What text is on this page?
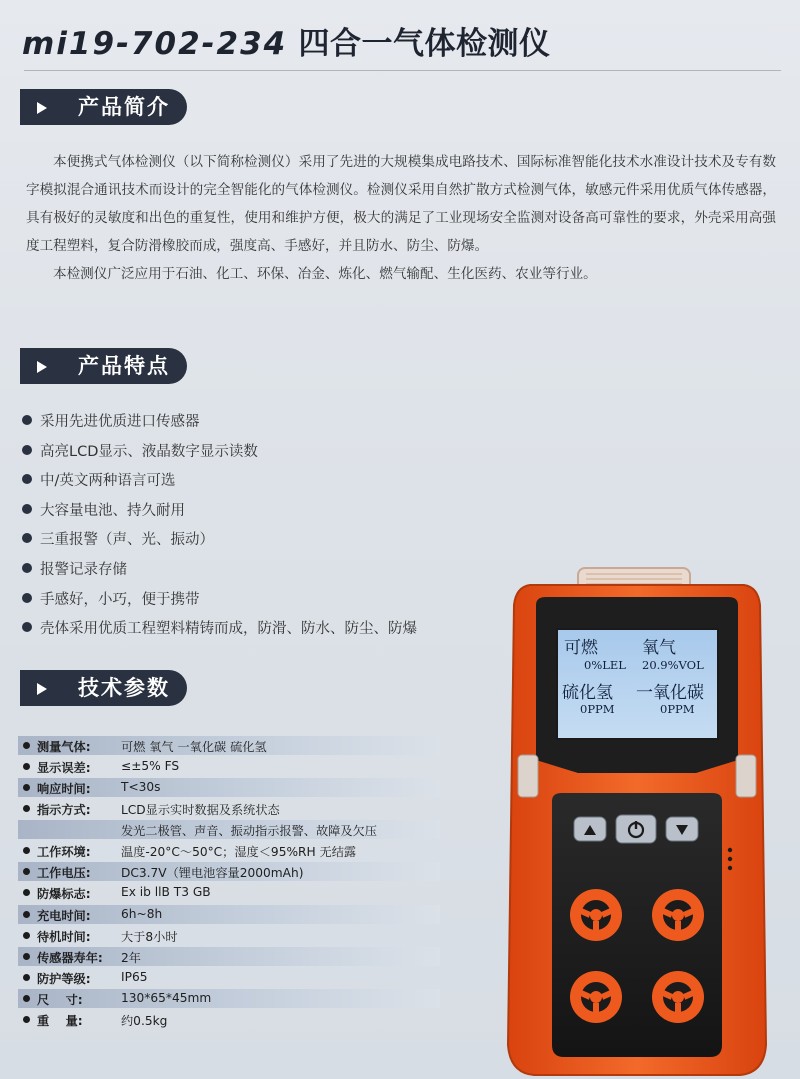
mi19-702-234 四合一气体检测仪
产品简介

本便携式气体检测仪（以下简称检测仪）采用了先进的大规模集成电路技术、国际标准智能化技术水准设计技术及专有数字模拟混合通讯技术而设计的完全智能化的气体检测仪。检测仪采用自然扩散方式检测气体，敏感元件采用优质气体传感器，具有极好的灵敏度和出色的重复性，使用和维护方便，极大的满足了工业现场安全监测对设备高可靠性的要求，外壳采用高强度工程塑料，复合防滑橡胶而成，强度高、手感好，并且防水、防尘、防爆。

本检测仪广泛应用于石油、化工、环保、冶金、炼化、燃气输配、生化医药、农业等行业。

产品特点
采用先进优质进口传感器
高亮LCD显示、液晶数字显示读数
中/英文两种语言可选
大容量电池、持久耐用
三重报警（声、光、振动）
报警记录存储
手感好，小巧，便于携带
壳体采用优质工程塑料精铸而成，防滑、防水、防尘、防爆
技术参数
测量气体: 可燃 氧气 一氧化碳 硫化氢
显示误差: ≤±5% FS
响应时间: T<30s
指示方式: LCD显示实时数据及系统状态
发光二极管、声音、振动指示报警、故障及欠压
工作环境: 温度-20°C～50°C；湿度＜95%RH 无结露
工作电压: DC3.7V（锂电池容量2000mAh)
防爆标志: Ex ib llB T3 GB
充电时间: 6h~8h
待机时间: 大于8小时
传感器寿年: 2年
防护等级: IP65
尺　 寸:	130*65*45mm
重　 量:	约0.5kg
可燃	氧气
0%LEL 20.9%VOL
硫化氢 一氧化碳
0PPM	0PPM
